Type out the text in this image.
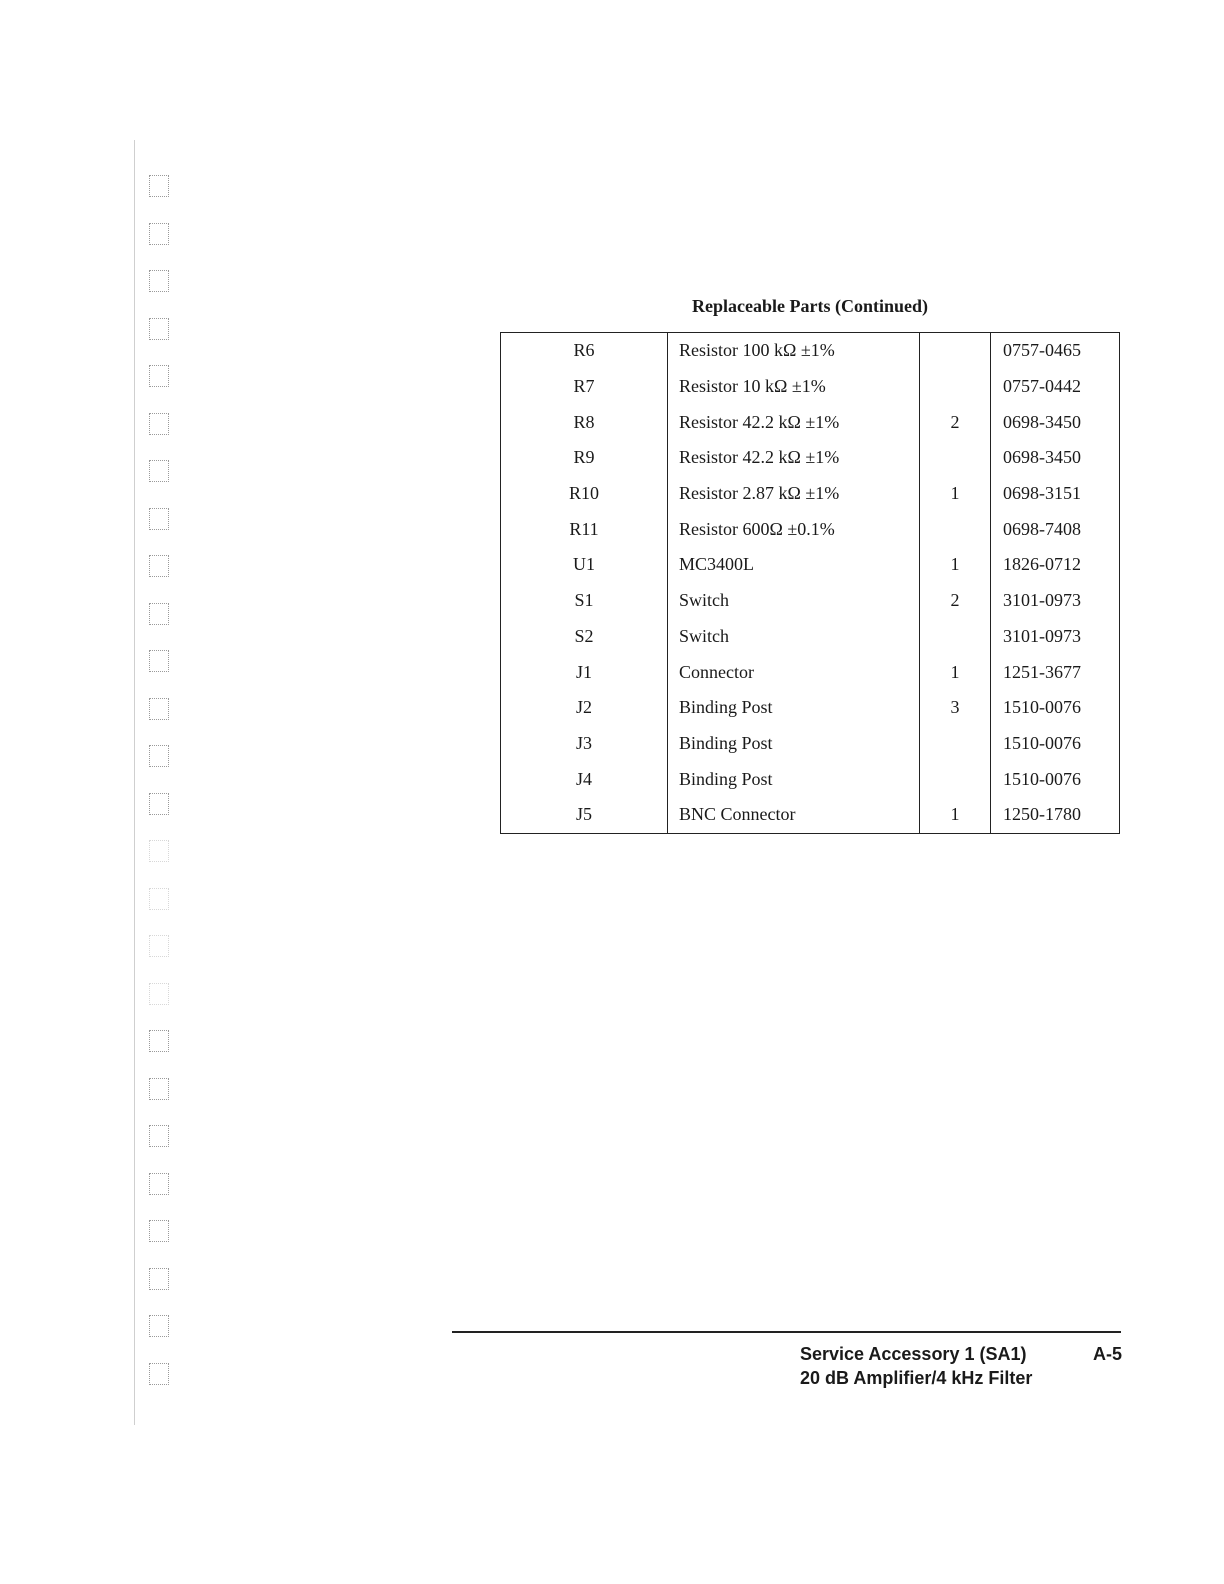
Replaceable Parts (Continued)
R6	Resistor 100 kΩ ±1%		0757-0465
R7	Resistor 10 kΩ ±1%		0757-0442
R8	Resistor 42.2 kΩ ±1%	2	0698-3450
R9	Resistor 42.2 kΩ ±1%		0698-3450
R10	Resistor 2.87 kΩ ±1%	1	0698-3151
R11	Resistor 600Ω ±0.1%		0698-7408
U1	MC3400L	1	1826-0712
S1	Switch	2	3101-0973
S2	Switch		3101-0973
J1	Connector	1	1251-3677
J2	Binding Post	3	1510-0076
J3	Binding Post		1510-0076
J4	Binding Post		1510-0076
J5	BNC Connector	1	1250-1780
Service Accessory 1 (SA1)	A-5
20 dB Amplifier/4 kHz Filter
